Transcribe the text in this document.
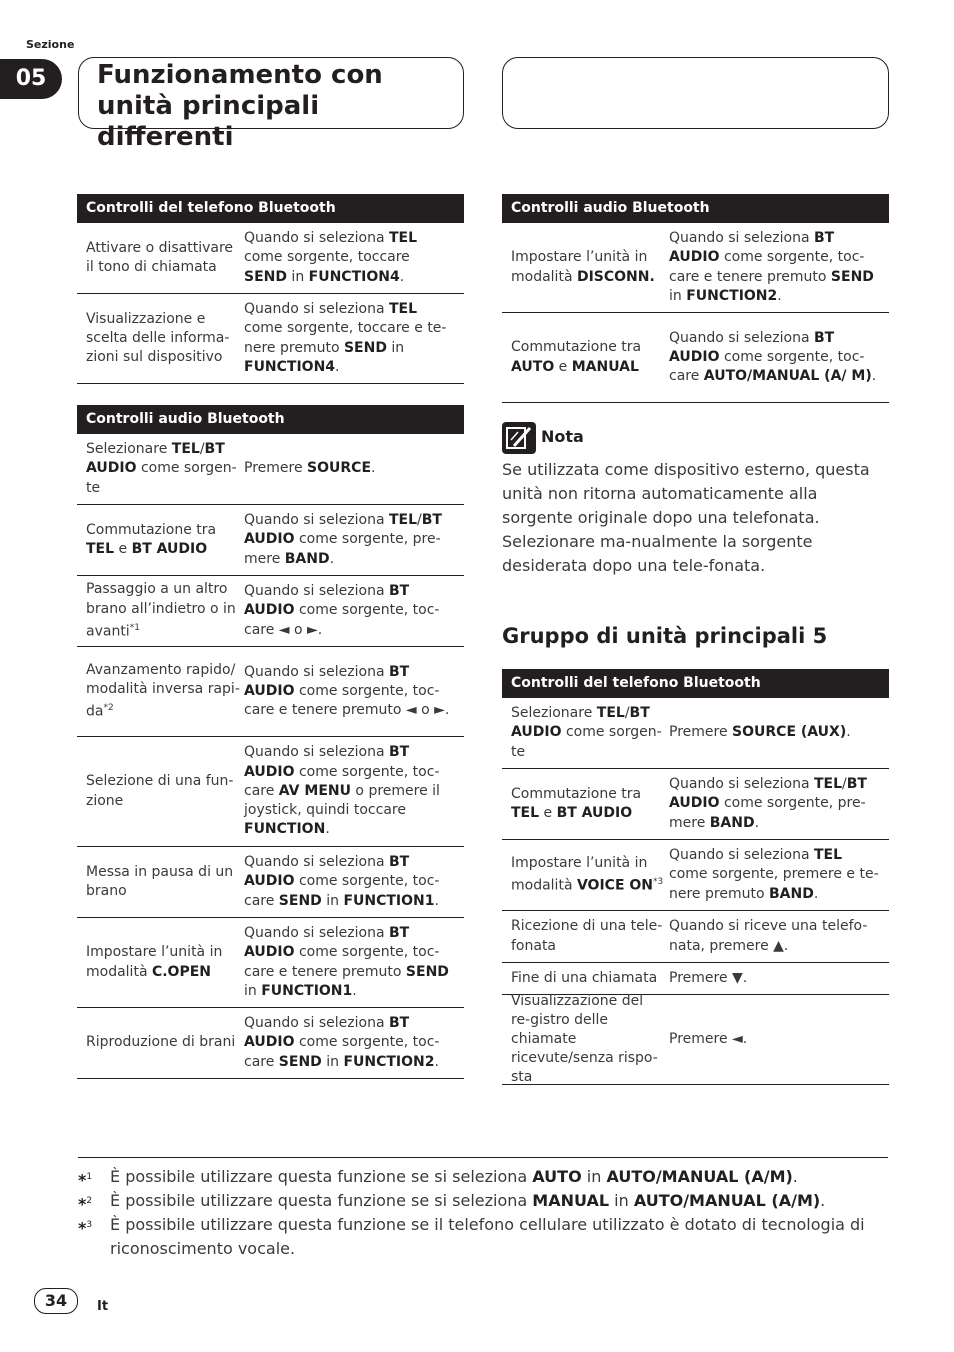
Sezione
05	Funzionamento con unità principali differenti
Controlli del telefono Bluetooth
Attivare o disattivare il tono di chiamata
Quando si seleziona TEL come sorgente, toccare SEND in FUNCTION4.
Visualizzazione e scelta delle informa-zioni sul dispositivo
Quando si seleziona TEL come sorgente, toccare e te-nere premuto SEND in FUNCTION4.
Controlli audio Bluetooth
Selezionare TEL/BT AUDIO come sorgen-te
Premere SOURCE.
Commutazione tra TEL e BT AUDIO
Quando si seleziona TEL/BT AUDIO come sorgente, pre-mere BAND.
Passaggio a un altro brano all’indietro o in avanti$^{*1}$
Quando si seleziona BT AUDIO come sorgente, toc-care ◄ o ►.
Avanzamento rapido/ modalità inversa rapi-$da^{*2}$
Quando si seleziona BT AUDIO come sorgente, toc-care e tenere premuto ◄ o ►.
Selezione di una fun-zione
Quando si seleziona BT AUDIO come sorgente, toc-care AV MENU o premere il joystick, quindi toccare FUNCTION.
Messa in pausa di un brano
Quando si seleziona BT AUDIO come sorgente, toc-care SEND in FUNCTION1.
Impostare l’unità in modalità C.OPEN
Quando si seleziona BT AUDIO come sorgente, toc-care e tenere premuto SEND in FUNCTION1.
Riproduzione di brani
Quando si seleziona BT AUDIO come sorgente, toc-care SEND in FUNCTION2.
Controlli audio Bluetooth
Impostare l’unità in modalità DISCONN.
Quando si seleziona BT AUDIO come sorgente, toc-care e tenere premuto SEND in FUNCTION2.
Commutazione tra AUTO e MANUAL
Quando si seleziona BT AUDIO come sorgente, toc-care AUTO/MANUAL (A/ M).
Nota
Se utilizzata come dispositivo esterno, questa unità non ritorna automaticamente alla sorgente originale dopo una telefonata. Selezionare ma-nualmente la sorgente desiderata dopo una tele-fonata.
Gruppo di unità principali 5
Controlli del telefono Bluetooth
Selezionare TEL/BT AUDIO come sorgen-te
Premere SOURCE (AUX).
Commutazione tra TEL e BT AUDIO
Quando si seleziona TEL/BT AUDIO come sorgente, pre-mere BAND.
Impostare l’unità in modalità VOICE ON$^{*3}$
Quando si seleziona TEL come sorgente, premere e te-nere premuto BAND.
Ricezione di una tele-fonata
Quando si riceve una telefo-nata, premere ▲.
Fine di una chiamata Premere ▼.
Visualizzazione del re-gistro delle chiamate ricevute/senza rispo-sta
Premere ◄.
*$^1$ È possibile utilizzare questa funzione se si seleziona AUTO in AUTO/MANUAL (A/M).
*$^2$ È possibile utilizzare questa funzione se si seleziona MANUAL in AUTO/MANUAL (A/M).
*$^3$ È possibile utilizzare questa funzione se il telefono cellulare utilizzato è dotato di tecnologia di riconoscimento vocale.
34	It
